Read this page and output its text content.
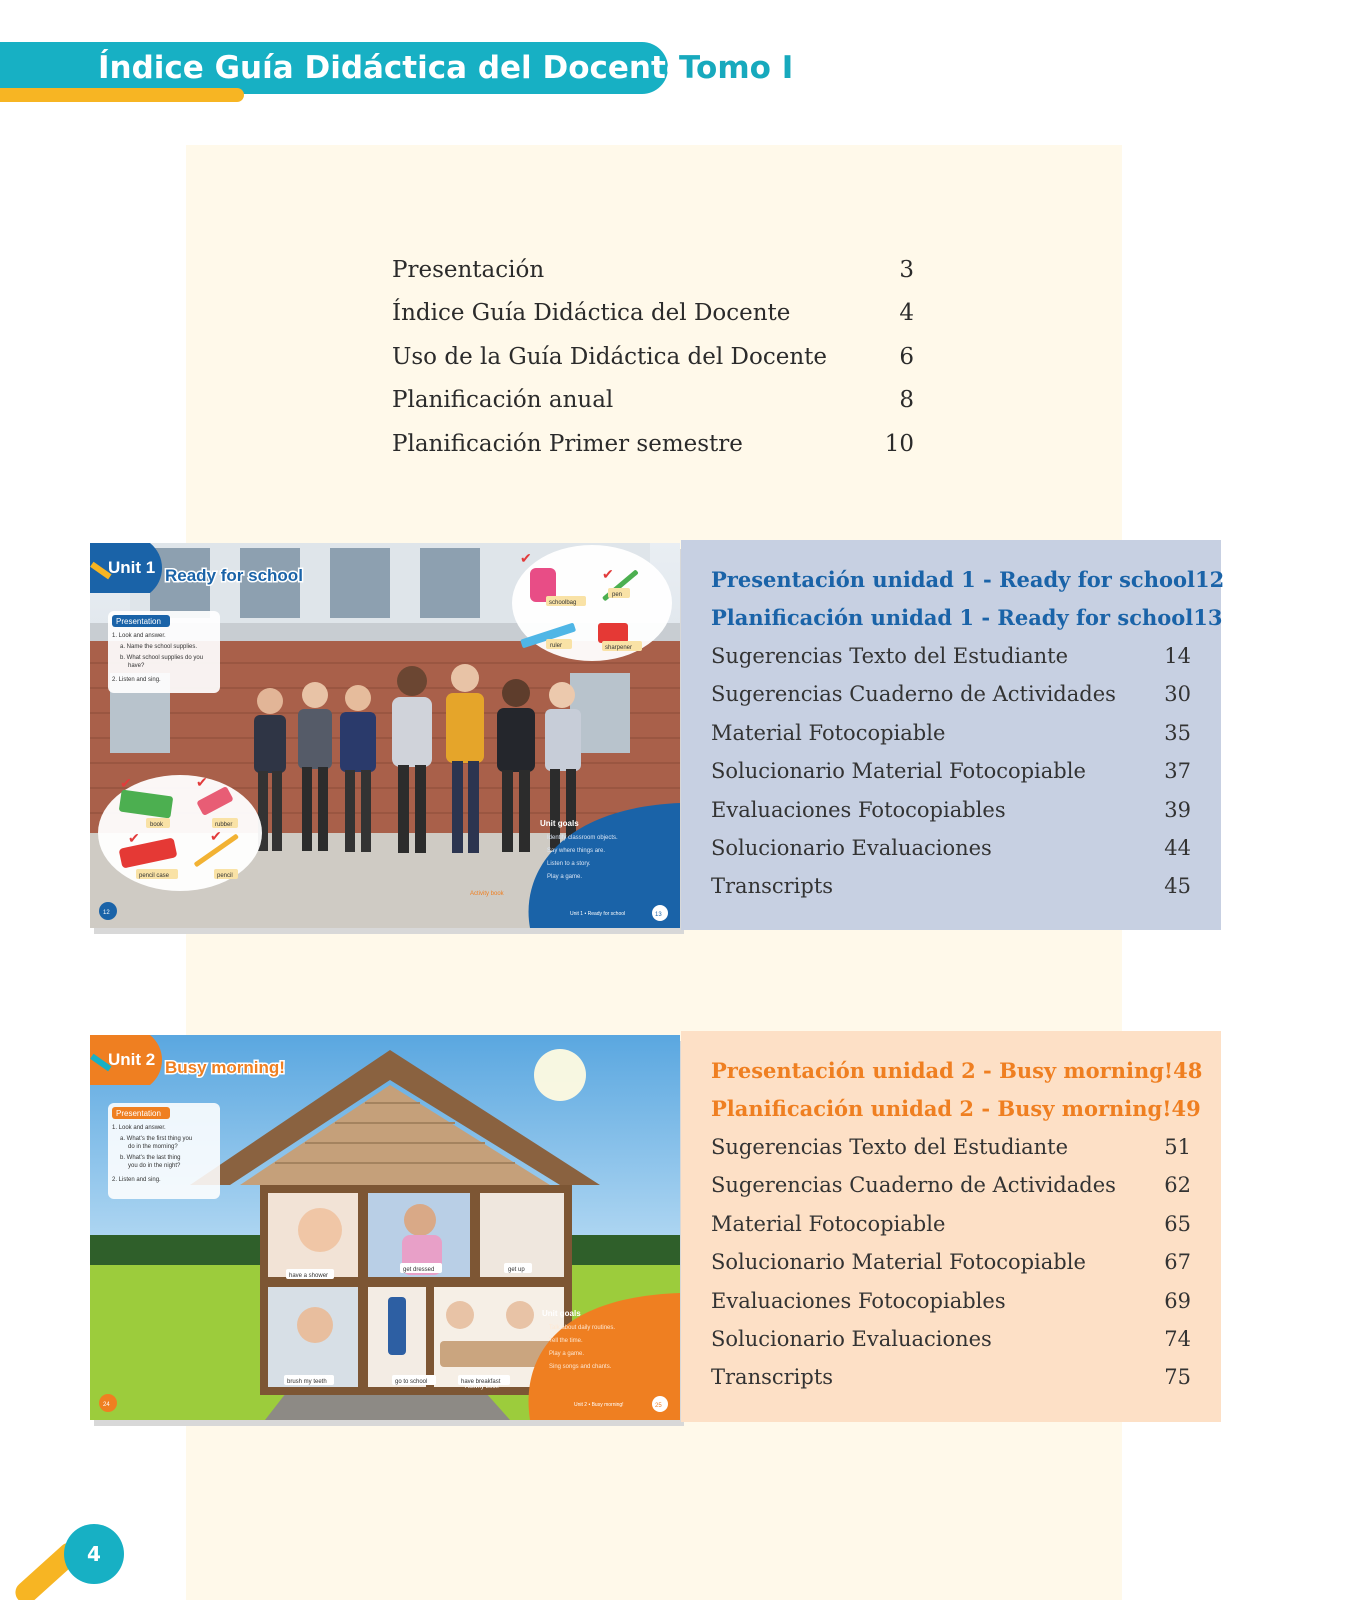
Índice Guía Didáctica del Docente
Tomo I
Presentación	3
Índice Guía Didáctica del Docente	4
Uso de la Guía Didáctica del Docente	6
Planificación anual	8
Planificación Primer semestre	10
Unit 1 Ready for school
Presentation
1. Look and answer.
a. Name the school supplies.
b. What school supplies do you
have?
2. Listen and sing.
✔
✔
schoolbag
pen
ruler	sharpener
✔	✔
✔	✔
book	rubber
pencil case	pencil
Unit goals
Identify classroom objects.
Say where things are.
Listen to a story.
Play a game.
Activity book
Unit 1 • Ready for school	13
12
Presentación unidad 1 - Ready for school 12
Planificación unidad 1 - Ready for school 13
Sugerencias Texto del Estudiante	14
Sugerencias Cuaderno de Actividades 30
Material Fotocopiable	35
Solucionario Material Fotocopiable	37
Evaluaciones Fotocopiables	39
Solucionario Evaluaciones	44
Transcripts	45
have a shower
get dressed	get up
brush my teeth	go to school	have breakfast
Unit 2 Busy morning!
Presentation
1. Look and answer.
a. What's the first thing you
do in the morning?
b. What's the last thing
you do in the night?
2. Listen and sing.
Unit goals
Talk about daily routines.
Tell the time.
Play a game.
Sing songs and chants.
Activity book
Unit 2 • Busy morning!	25
24
Presentación unidad 2 - Busy morning! 48
Planificación unidad 2 - Busy morning! 49
Sugerencias Texto del Estudiante	51
Sugerencias Cuaderno de Actividades 62
Material Fotocopiable	65
Solucionario Material Fotocopiable	67
Evaluaciones Fotocopiables	69
Solucionario Evaluaciones	74
Transcripts	75
4
